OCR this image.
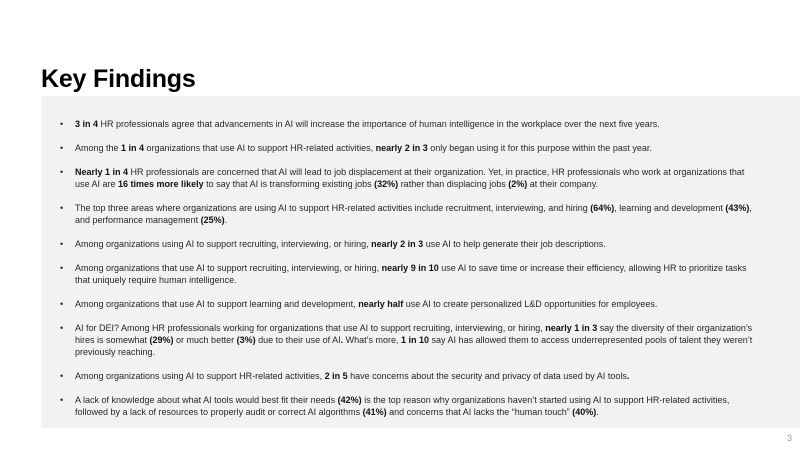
Key Findings
• 3 in 4 HR professionals agree that advancements in AI will increase the importance of human intelligence in the workplace over the next five years.
• Among the 1 in 4 organizations that use AI to support HR-related activities, nearly 2 in 3 only began using it for this purpose within the past year.
• Nearly 1 in 4 HR professionals are concerned that AI will lead to job displacement at their organization. Yet, in practice, HR professionals who work at organizations that use AI are 16 times more likely to say that AI is transforming existing jobs (32%) rather than displacing jobs (2%) at their company.
• The top three areas where organizations are using AI to support HR-related activities include recruitment, interviewing, and hiring (64%), learning and development (43%), and performance management (25%).
• Among organizations using AI to support recruiting, interviewing, or hiring, nearly 2 in 3 use AI to help generate their job descriptions.
• Among organizations that use AI to support recruiting, interviewing, or hiring, nearly 9 in 10 use AI to save time or increase their efficiency, allowing HR to prioritize tasks that uniquely require human intelligence.
• Among organizations that use AI to support learning and development, nearly half use AI to create personalized L&D opportunities for employees.
• AI for DEI? Among HR professionals working for organizations that use AI to support recruiting, interviewing, or hiring, nearly 1 in 3 say the diversity of their organization’s hires is somewhat (29%) or much better (3%) due to their use of AI. What’s more, 1 in 10 say AI has allowed them to access underrepresented pools of talent they weren’t previously reaching.
• Among organizations using AI to support HR-related activities, 2 in 5 have concerns about the security and privacy of data used by AI tools.
• A lack of knowledge about what AI tools would best fit their needs (42%) is the top reason why organizations haven’t started using AI to support HR-related activities, followed by a lack of resources to properly audit or correct AI algorithms (41%) and concerns that AI lacks the “human touch” (40%).
3
